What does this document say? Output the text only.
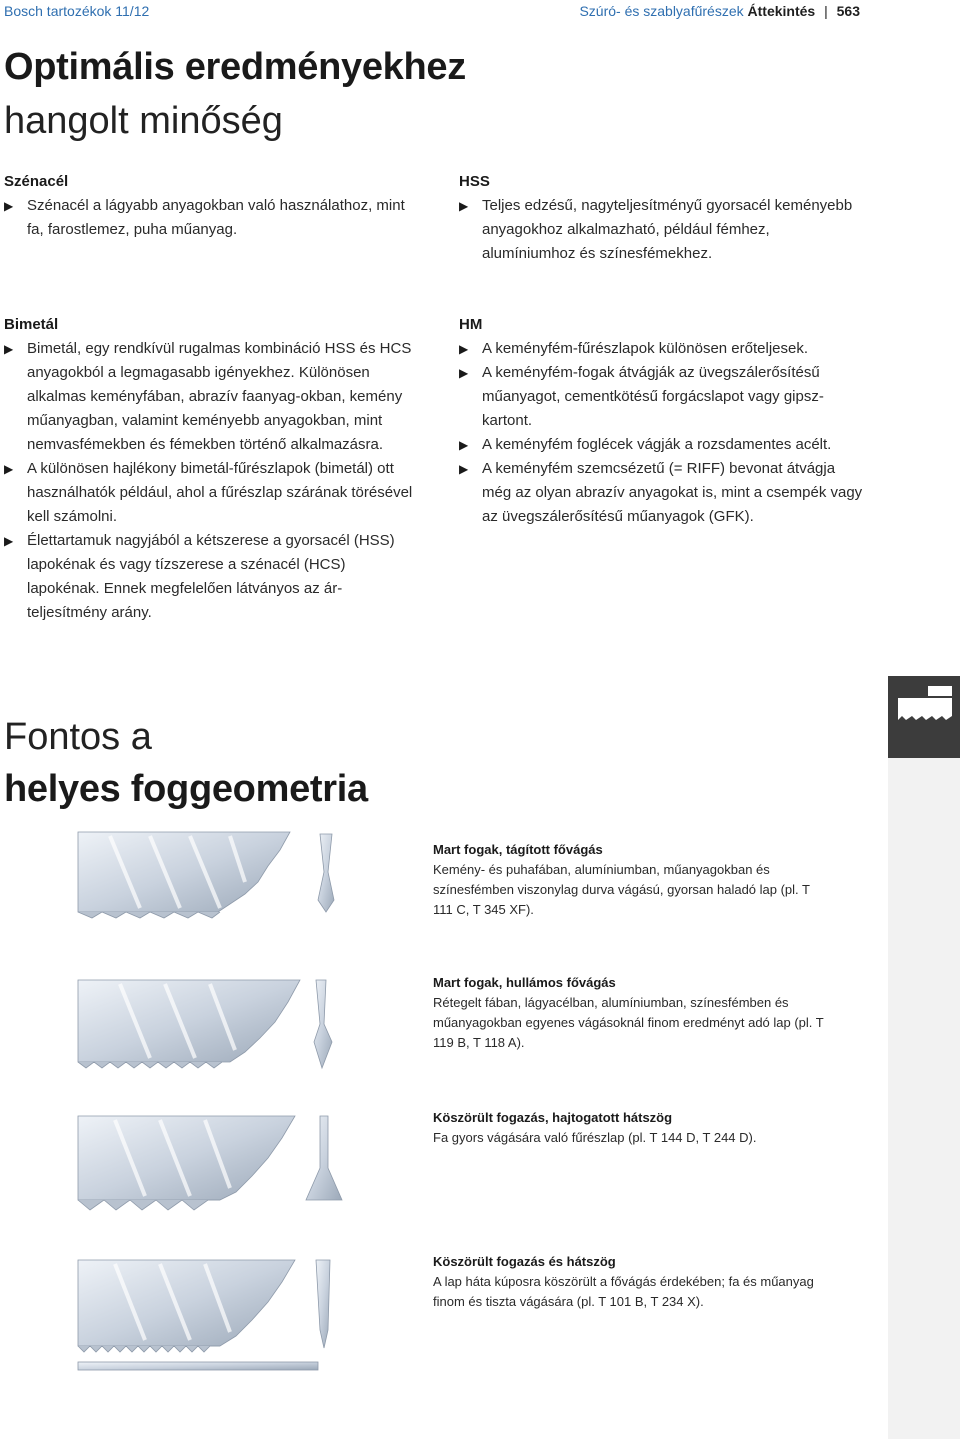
Bosch tartozékok 11/12	Szúró- és szablyafűrészek Áttekintés | 563
Optimális eredményekhez
hangolt minőség
Szénacél
▶ Szénacél a lágyabb anyagokban való használathoz, mint fa, farostlemez, puha műanyag.
HSS
▶ Teljes edzésű, nagyteljesítményű gyorsacél keményebb anyagokhoz alkalmazható, például fémhez, alumíniumhoz és színesfémekhez.
Bimetál
▶ Bimetál, egy rendkívül rugalmas kombináció HSS és HCS anyagokból a legmagasabb igényekhez. Különösen alkalmas keményfában, abrazív faanyag-okban, kemény műanyagban, valamint keményebb anyagokban, mint nemvasfémekben és fémekben történő alkalmazásra.
▶ A különösen hajlékony bimetál-fűrészlapok (bimetál) ott használhatók például, ahol a fűrészlap szárának törésével kell számolni.
▶ Élettartamuk nagyjából a kétszerese a gyorsacél (HSS) lapokénak és vagy tízszerese a szénacél (HCS) lapokénak. Ennek megfelelően látványos az ár-teljesítmény arány.
HM
▶ A keményfém-fűrészlapok különösen erőteljesek.
▶ A keményfém-fogak átvágják az üvegszálerősítésű műanyagot, cementkötésű forgácslapot vagy gipsz-kartont.
▶ A keményfém foglécek vágják a rozsdamentes acélt.
▶ A keményfém szemcsézetű (= RIFF) bevonat átvágja még az olyan abrazív anyagokat is, mint a csempék vagy az üvegszálerősítésű műanyagok (GFK).
Fontos a
helyes foggeometria
Mart fogak, tágított fővágás
Kemény- és puhafában, alumíniumban, műanyagokban és színesfémben viszonylag durva vágású, gyorsan haladó lap (pl. T 111 C, T 345 XF).
Mart fogak, hullámos fővágás
Rétegelt fában, lágyacélban, alumíniumban, színesfémben és műanyagokban egyenes vágásoknál finom eredményt adó lap (pl. T 119 B, T 118 A).
Köszörült fogazás, hajtogatott hátszög
Fa gyors vágására való fűrészlap (pl. T 144 D, T 244 D).
Köszörült fogazás és hátszög
A lap háta kúposra köszörült a fővágás érdekében; fa és műanyag finom és tiszta vágására (pl. T 101 B, T 234 X).
